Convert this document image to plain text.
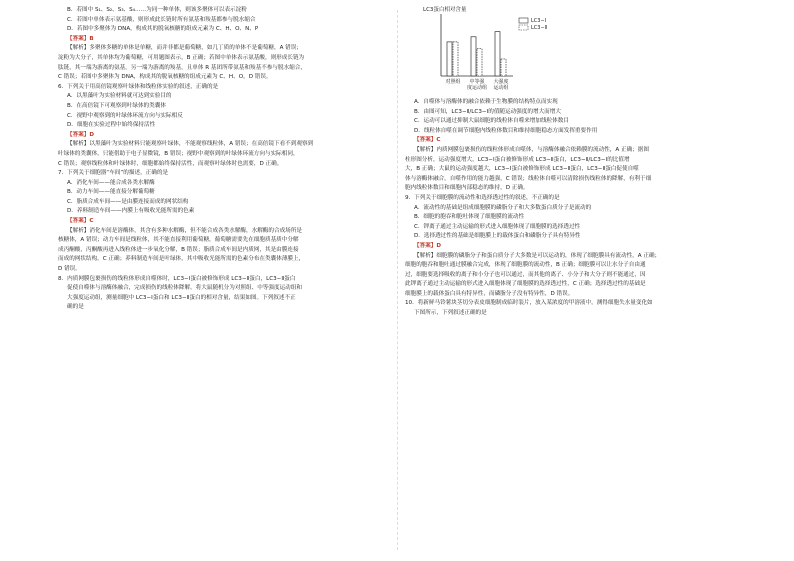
B．若图中 S₁、S₂、S₃、S₄……为同一种单体，则该多聚体可以表示淀粉
C．若图中单体表示氨基酸，则形成此长链时所有氨基和羧基都参与脱水缩合
D．若图中多聚体为 DNA，构成其的脱氧核糖的组成元素为 C、H、O、N、P
【答案】B
【解析】多聚体多糖的单体是单糖，而并非都是葡萄糖，如几丁质的单体不是葡萄糖，A 错误；
淀粉为大分子，其单体均为葡萄糖，可用题图表示，B 正确；若图中单体表示氨基酸，则形成长链为
肽链，其一端为游离的氨基，另一端为游离的羧基，且单体 R 基团所带氨基和羧基不参与脱水缩合，
C 错误；若图中多聚体为 DNA，构成其的脱氧核糖的组成元素为 C、H、O，D 错误。
6．下列关于用高倍镜观察叶绿体和线粒体实验的叙述，正确的是
A．以黑藻叶为实验材料就可达到实验目的
B．在高倍镜下可观察到叶绿体的类囊体
C．视野中观察到的叶绿体环流方向与实际相反
D．细胞在实验过程中始终保持活性
【答案】D
【解析】以黑藻叶为实验材料只能观察叶绿体，不能观察线粒体，A 错误；在高倍镜下看不到观察到
叶绿体的类囊体，只能借助于电子显微镜，B 错误；视野中观察到的叶绿体环流方向与实际相同，
C 错误；观察线粒体和叶绿体时，细胞都始终保持活性，而观察叶绿体时也需要，D 正确。
7．下列关于细胞器“车间”的描述，正确的是
A．消化车间——能合成各类水解酶
B．动力车间——能直接分解葡萄糖
C．脂质合成车间——是由膜连接而成的网状结构
D．养料制造车间——内膜上有吸收光能所需的色素
【答案】C
【解析】消化车间是溶酶体，其含有多种水解酶，但不能合成各类水解酶，水解酶的合成场所是
核糖体，A 错误；动力车间是线粒体，其不能直接利用葡萄糖，葡萄糖需要先在细胞质基质中分解
成丙酮酸，丙酮酸再进入线粒体进一步氧化分解，B 错误；脂质合成车间是内质网，其是由膜连接
而成的网状结构，C 正确；养料制造车间是叶绿体，其中吸收光能所需的色素分布在类囊体薄膜上，
D 错误。
8．内质网膜包裹损伤的线粒体形成自噬体时，LC3−Ⅰ蛋白被修饰形成 LC3−Ⅱ蛋白，LC3−Ⅱ蛋白
促使自噬体与溶酶体融合，完成损伤的线粒体降解。将大鼠随机分为对照组、中等强度运动组和
大强度运动组，测量细胞中 LC3−Ⅰ蛋白和 LC3−Ⅱ蛋白的相对含量，结果如图。下列叙述不正
确的是
LC3蛋白相对含量
对照组 中等强
度运动组
大强度
运动组
LC3−Ⅰ
LC3−Ⅱ
A．自噬体与溶酶体的融合依赖于生物膜的结构特点而实现
B．由图可知，LC3−Ⅱ/LC3−Ⅰ的值随运动强度的增大而增大
C．运动可以通过抑制大鼠细胞的线粒体自噬来增加线粒体数目
D．线粒体自噬在调节细胞内线粒体数目和维持细胞稳态方面发挥重要作用
【答案】C
【解析】内质网膜包裹损伤的线粒体形成自噬体，与溶酶体融合依赖膜的流动性，A 正确；据图
柱形图分析，运动强度增大，LC3−Ⅰ蛋白被修饰形成 LC3−Ⅱ蛋白，LC3−Ⅱ/LC3−Ⅰ的比值增
大，B 正确；大鼠的运动强度越大，LC3−Ⅰ蛋白被修饰形成 LC3−Ⅱ蛋白，LC3−Ⅱ蛋白促使自噬
体与溶酶体融合，自噬作用的能力越强，C 错误；线粒体自噬可以清除损伤线粒体的降解，有利于细
胞内线粒体数目和细胞内部稳态的维持，D 正确。
9．下列关于细胞膜的流动性和选择透过性的叙述，不正确的是
A．流动性的基础是组成细胞膜的磷脂分子和大多数蛋白质分子是流动的
B．细胞的胞吞和胞吐体现了细胞膜的流动性
C．钾离子通过主动运输的形式进入细胞体现了细胞膜的选择透过性
D．选择透过性的基础是细胞膜上的载体蛋白和磷脂分子具有特异性
【答案】D
【解析】细胞膜的磷脂分子和蛋白质分子大多数是可以运动的，体现了细胞膜具有流动性，A 正确；
细胞的胞吞和胞吐通过膜融合完成，体现了细胞膜的流动性，B 正确；细胞膜可以让水分子自由通
过，细胞要选择吸收的离子和小分子也可以通过，而其他的离子、小分子和大分子则不能通过，因
此钾离子通过主动运输的形式进入细胞体现了细胞膜的选择透过性，C 正确；选择透过性的基础是
细胞膜上的载体蛋白具有特异性，而磷脂分子没有特异性，D 错误。
10．将新鲜马铃薯块茎切分表皮细胞制成临时装片，放入某浓度的甲溶液中，测得细胞失水量变化如
下图所示，下列叙述正确的是
